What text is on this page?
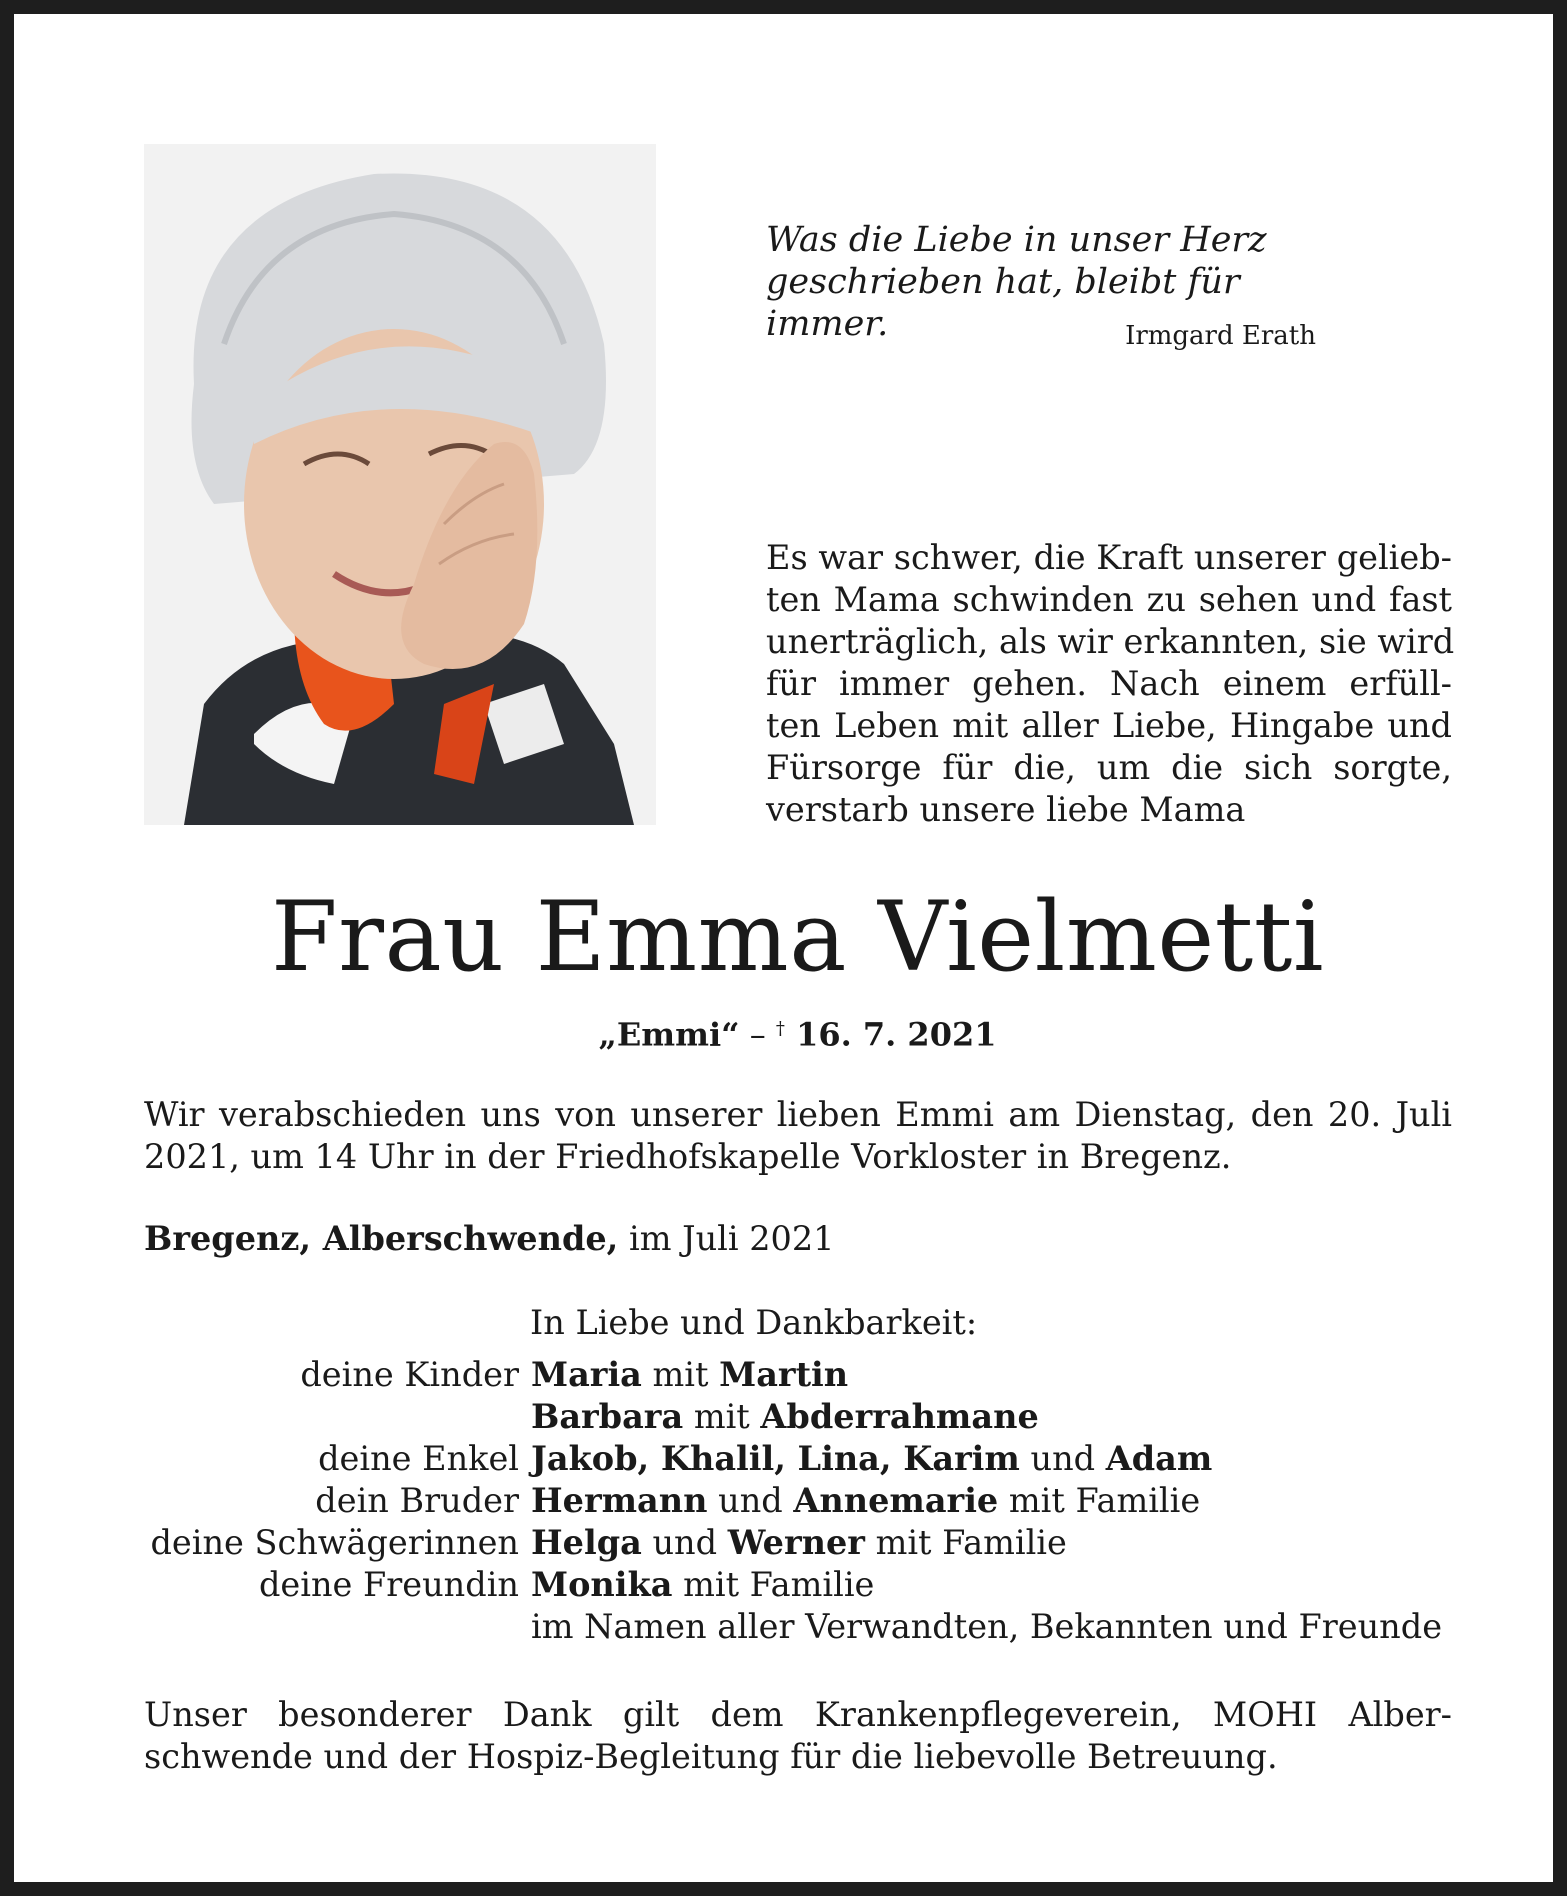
Was die Liebe in unser Herz
geschrieben hat, bleibt für immer.	Irmgard Erath
Es war schwer, die Kraft unserer gelieb-
ten Mama schwinden zu sehen und fast
unerträglich, als wir erkannten, sie wird
für immer gehen. Nach einem erfüll-
ten Leben mit aller Liebe, Hingabe und
Fürsorge für die, um die sich sorgte,
verstarb unsere liebe Mama
Frau Emma Vielmetti
„Emmi“ – † 16. 7. 2021
Wir verabschieden uns von unserer lieben Emmi am Dienstag, den 20. Juli
2021, um 14 Uhr in der Friedhofskapelle Vorkloster in Bregenz.
Bregenz, Alberschwende, im Juli 2021
In Liebe und Dankbarkeit:
deine Kinder Maria mit Martin
Barbara mit Abderrahmane
deine Enkel Jakob, Khalil, Lina, Karim und Adam
dein Bruder Hermann und Annemarie mit Familie
deine Schwägerinnen Helga und Werner mit Familie
deine Freundin Monika mit Familie
im Namen aller Verwandten, Bekannten und Freunde
Unser besonderer Dank gilt dem Krankenpflegeverein, MOHI Alber-
schwende und der Hospiz-Begleitung für die liebevolle Betreuung.
